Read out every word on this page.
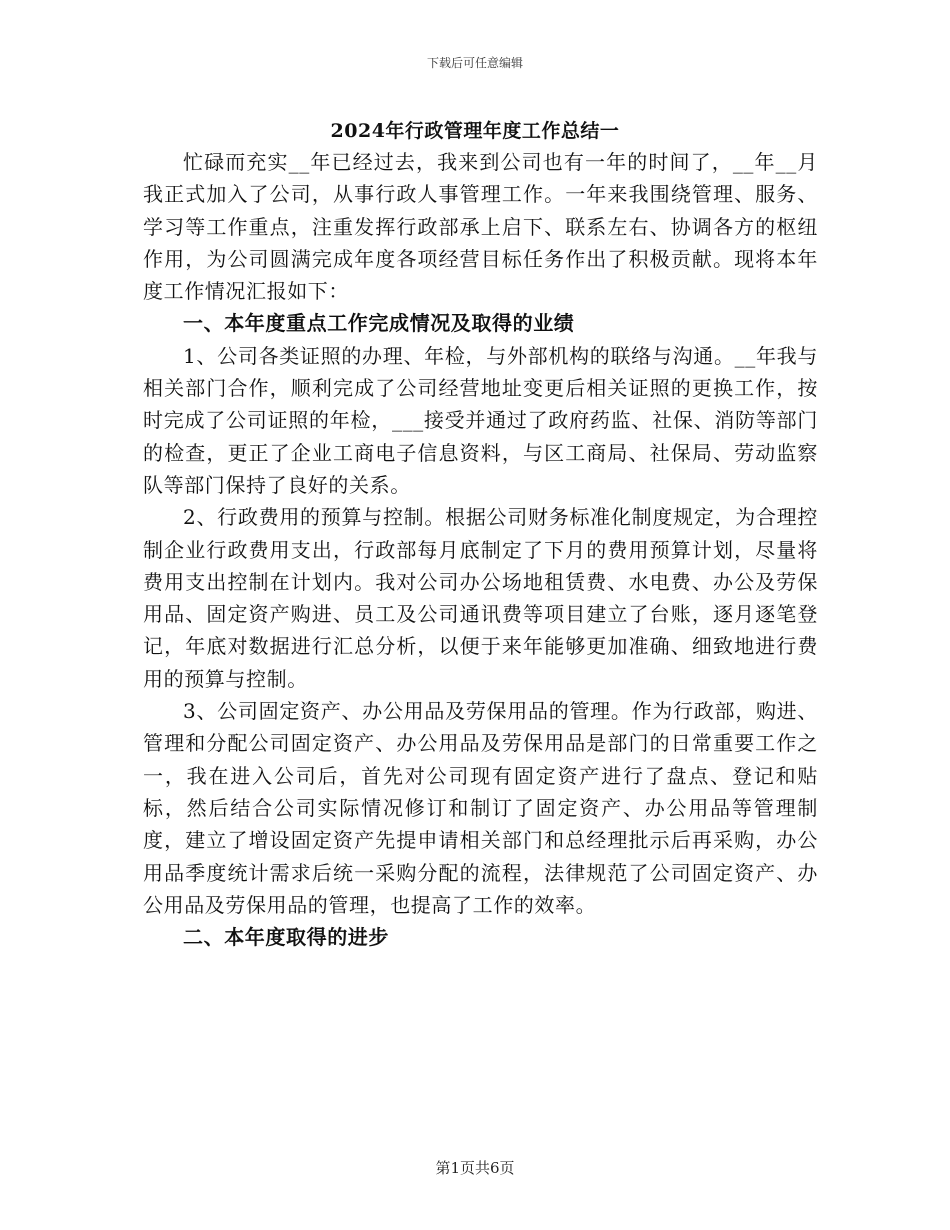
下载后可任意编辑
2024年行政管理年度工作总结一

忙碌而充实__年已经过去，我来到公司也有一年的时间了，__年__月我正式加入了公司，从事行政人事管理工作。一年来我围绕管理、服务、学习等工作重点，注重发挥行政部承上启下、联系左右、协调各方的枢纽作用，为公司圆满完成年度各项经营目标任务作出了积极贡献。现将本年度工作情况汇报如下：

一、本年度重点工作完成情况及取得的业绩

1、公司各类证照的办理、年检，与外部机构的联络与沟通。__年我与相关部门合作，顺利完成了公司经营地址变更后相关证照的更换工作，按时完成了公司证照的年检，___接受并通过了政府药监、社保、消防等部门的检查，更正了企业工商电子信息资料，与区工商局、社保局、劳动监察队等部门保持了良好的关系。

2、行政费用的预算与控制。根据公司财务标准化制度规定，为合理控制企业行政费用支出，行政部每月底制定了下月的费用预算计划，尽量将费用支出控制在计划内。我对公司办公场地租赁费、水电费、办公及劳保用品、固定资产购进、员工及公司通讯费等项目建立了台账，逐月逐笔登记，年底对数据进行汇总分析，以便于来年能够更加准确、细致地进行费用的预算与控制。

3、公司固定资产、办公用品及劳保用品的管理。作为行政部，购进、管理和分配公司固定资产、办公用品及劳保用品是部门的日常重要工作之一，我在进入公司后，首先对公司现有固定资产进行了盘点、登记和贴标，然后结合公司实际情况修订和制订了固定资产、办公用品等管理制度，建立了增设固定资产先提申请相关部门和总经理批示后再采购，办公用品季度统计需求后统一采购分配的流程，法律规范了公司固定资产、办公用品及劳保用品的管理，也提高了工作的效率。

二、本年度取得的进步

第1页共6页
